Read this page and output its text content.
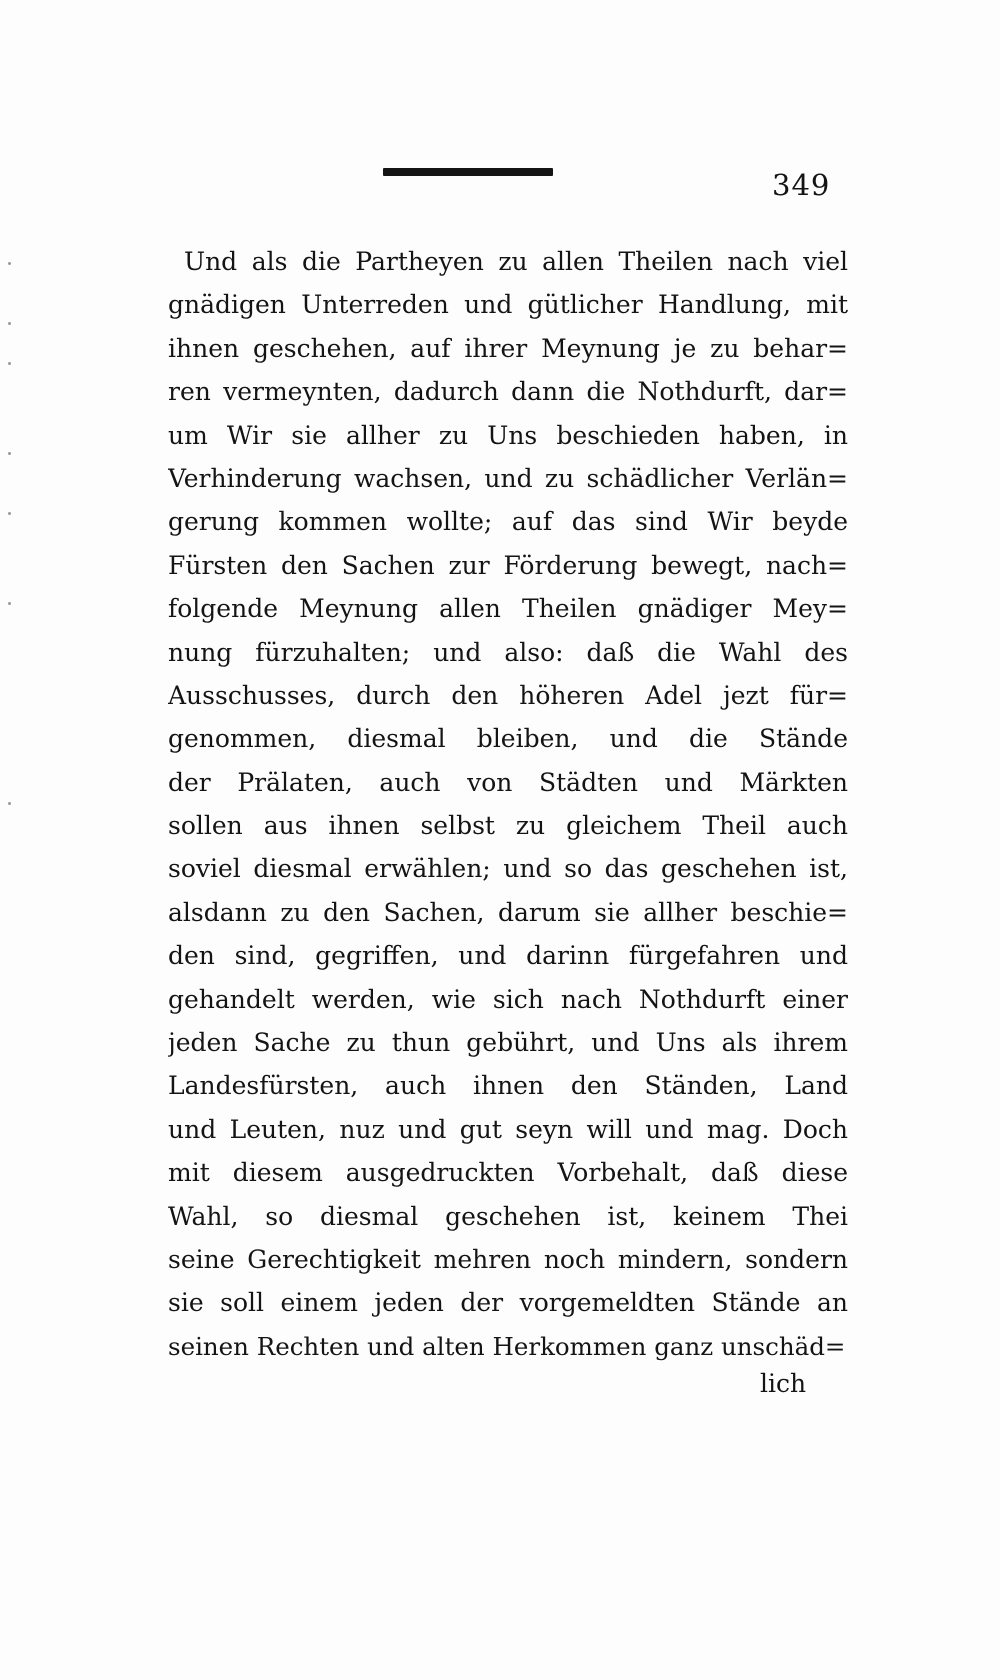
349
Und als die Partheyen zu allen Theilen nach viel
gnädigen Unterreden und gütlicher Handlung, mit
ihnen geschehen, auf ihrer Meynung je zu behar=
ren vermeynten, dadurch dann die Nothdurft, dar=
um Wir sie allher zu Uns beschieden haben, in
Verhinderung wachsen, und zu schädlicher Verlän=
gerung kommen wollte; auf das sind Wir beyde
Fürsten den Sachen zur Förderung bewegt, nach=
folgende Meynung allen Theilen gnädiger Mey=
nung fürzuhalten; und also: daß die Wahl des
Ausschusses, durch den höheren Adel jezt für=
genommen, diesmal bleiben, und die Stände
der Prälaten, auch von Städten und Märkten
sollen aus ihnen selbst zu gleichem Theil auch
soviel diesmal erwählen; und so das geschehen ist,
alsdann zu den Sachen, darum sie allher beschie=
den sind, gegriffen, und darinn fürgefahren und
gehandelt werden, wie sich nach Nothdurft einer
jeden Sache zu thun gebührt, und Uns als ihrem
Landesfürsten, auch ihnen den Ständen, Land
und Leuten, nuz und gut seyn will und mag. Doch
mit diesem ausgedruckten Vorbehalt, daß diese
Wahl, so diesmal geschehen ist, keinem Thei
seine Gerechtigkeit mehren noch mindern, sondern
sie soll einem jeden der vorgemeldten Stände an
seinen Rechten und alten Herkommen ganz unschäd=
lich
